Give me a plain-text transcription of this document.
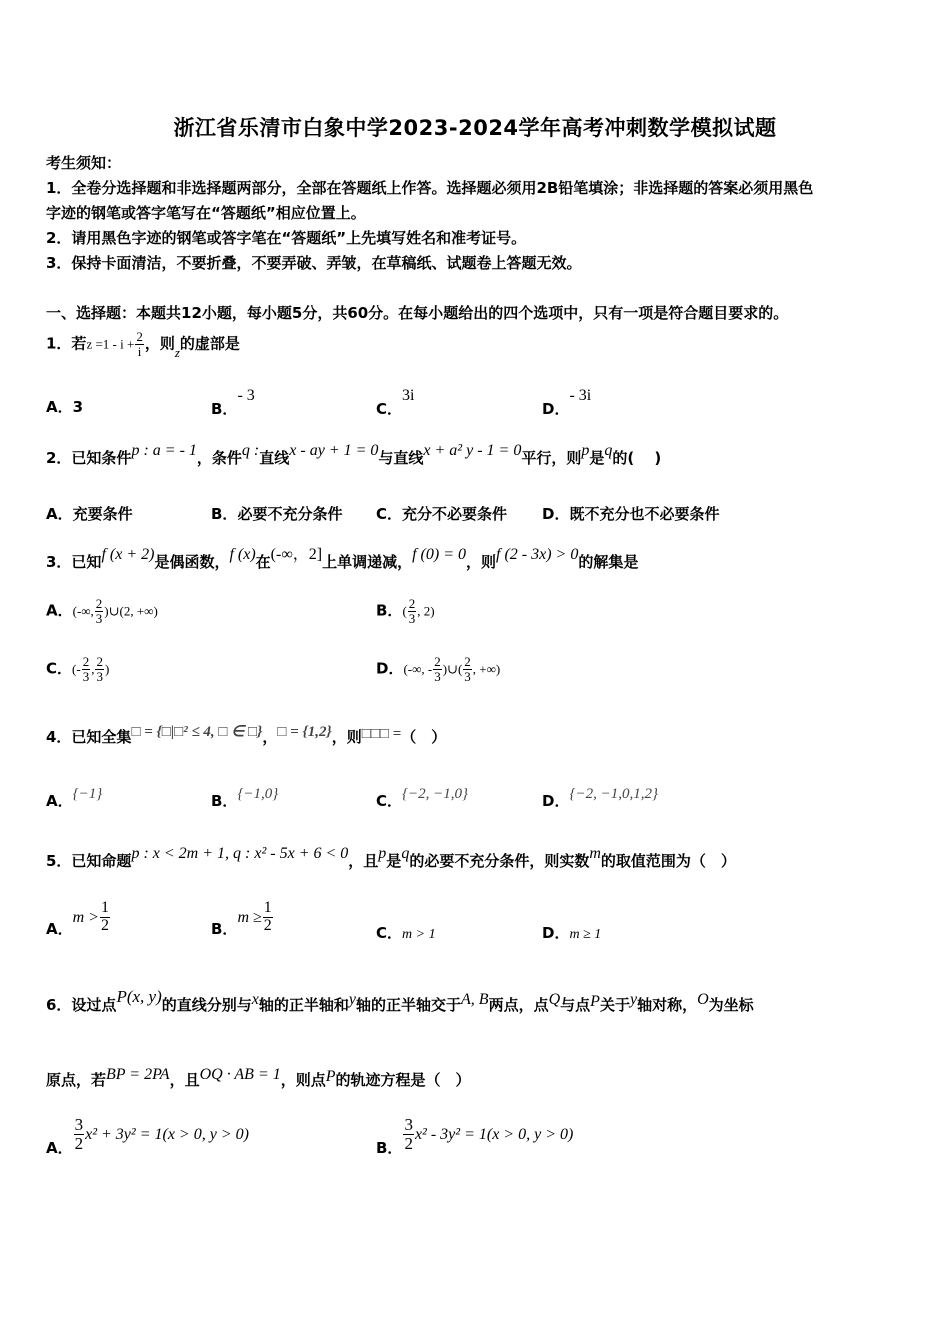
浙江省乐清市白象中学2023-2024学年高考冲刺数学模拟试题
考生须知：
1．全卷分选择题和非选择题两部分，全部在答题纸上作答。选择题必须用2B铅笔填涂；非选择题的答案必须用黑色
字迹的钢笔或答字笔写在“答题纸”相应位置上。
2．请用黑色字迹的钢笔或答字笔在“答题纸”上先填写姓名和准考证号。
3．保持卡面清洁，不要折叠，不要弄破、弄皱，在草稿纸、试题卷上答题无效。
一、选择题：本题共12小题，每小题5分，共60分。在每小题给出的四个选项中，只有一项是符合题目要求的。
1．若$z =1 - i + \frac{2}{i}$ ，则z的虚部是
A．3	B．- 3
C．3i
D．- 3i
2．已知条件p : a = - 1，条件q :直线x - ay + 1 = 0与直线x + a² y - 1 = 0平行，则p是q的(　 )
A．充要条件	B．必要不充分条件 C．充分不必要条件 D．既不充分也不必要条件
3．已知f (x + 2)是偶函数，f (x)在(-∞，2]上单调递减，f (0) = 0，则f (2 - 3x) > 0的解集是
A．(-∞, $\frac{2}{3}$ )∪(2, +∞)	B．( $\frac{2}{3}$ , 2)
C．(- $\frac{2}{3}$ , $\frac{2}{3}$ )	D．(-∞, - $\frac{2}{3}$ )∪( $\frac{2}{3}$ , +∞)
4．已知全集□ = {□|□² ≤ 4, □ ∈ □}，□ = {1,2}，则□□□ =（　）
A．{−1}	B．{−1,0}	C．{−2, −1,0}	D．{−2, −1,0,1,2}
5．已知命题p : x < 2m + 1, q : x² - 5x + 6 < 0，且p是q的必要不充分条件，则实数m的取值范围为（　）
A．$m > \frac{1}{2}$	B．$m \ge \frac{1}{2}$	C．m > 1	D．m ≥ 1
6．设过点P(x, y)的直线分别与x轴的正半轴和y轴的正半轴交于A, B两点，点Q与点P关于y轴对称，O为坐标
原点，若BP = 2PA，且OQ · AB = 1，则点P的轨迹方程是（　）
A． $\frac{3}{2} x^2 + 3y^2 = 1(x > 0$, y > 0)
B． $\frac{3}{2} x^2 - 3y^2 = 1(x > 0$, y > 0)
